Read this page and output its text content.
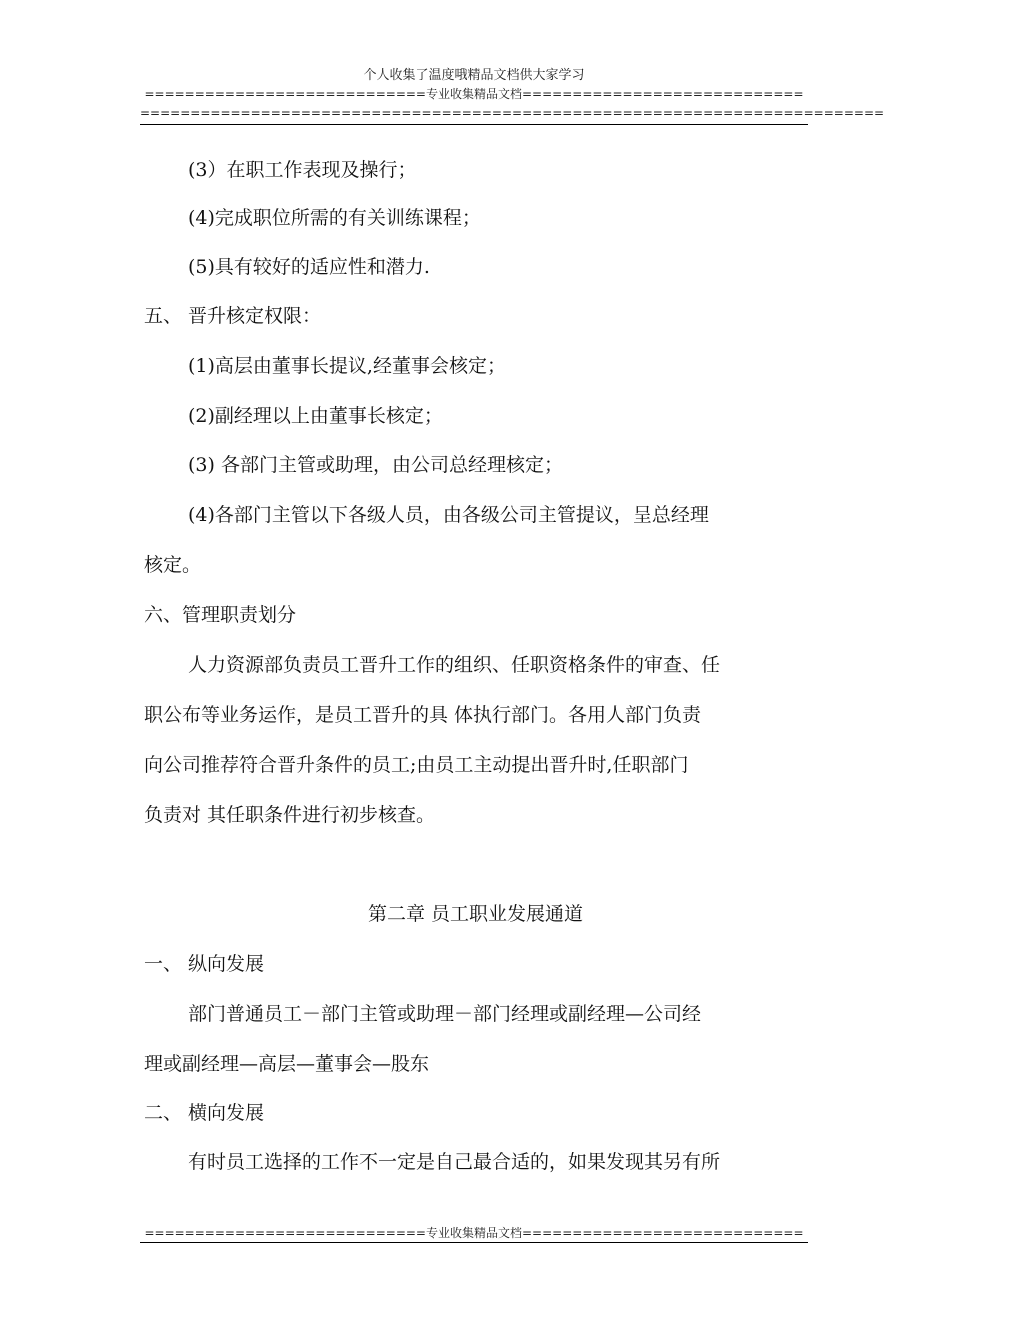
个人收集了温度哦精品文档供大家学习
============================专业收集精品文档============================
==========================================================================
(3）在职工作表现及操行；
(4)完成职位所需的有关训练课程；
(5)具有较好的适应性和潜力.
五、 晋升核定权限：
(1)高层由董事长提议,经董事会核定；
(2)副经理以上由董事长核定；
(3) 各部门主管或助理，由公司总经理核定；
(4)各部门主管以下各级人员，由各级公司主管提议，呈总经理
核定。
六、管理职责划分
人力资源部负责员工晋升工作的组织、任职资格条件的审查、任
职公布等业务运作，是员工晋升的具 体执行部门。各用人部门负责
向公司推荐符合晋升条件的员工;由员工主动提出晋升时,任职部门
负责对 其任职条件进行初步核查。
第二章 员工职业发展通道
一、 纵向发展
部门普通员工－部门主管或助理－部门经理或副经理—公司经
理或副经理—高层—董事会—股东
二、 横向发展
有时员工选择的工作不一定是自己最合适的，如果发现其另有所
============================专业收集精品文档============================
